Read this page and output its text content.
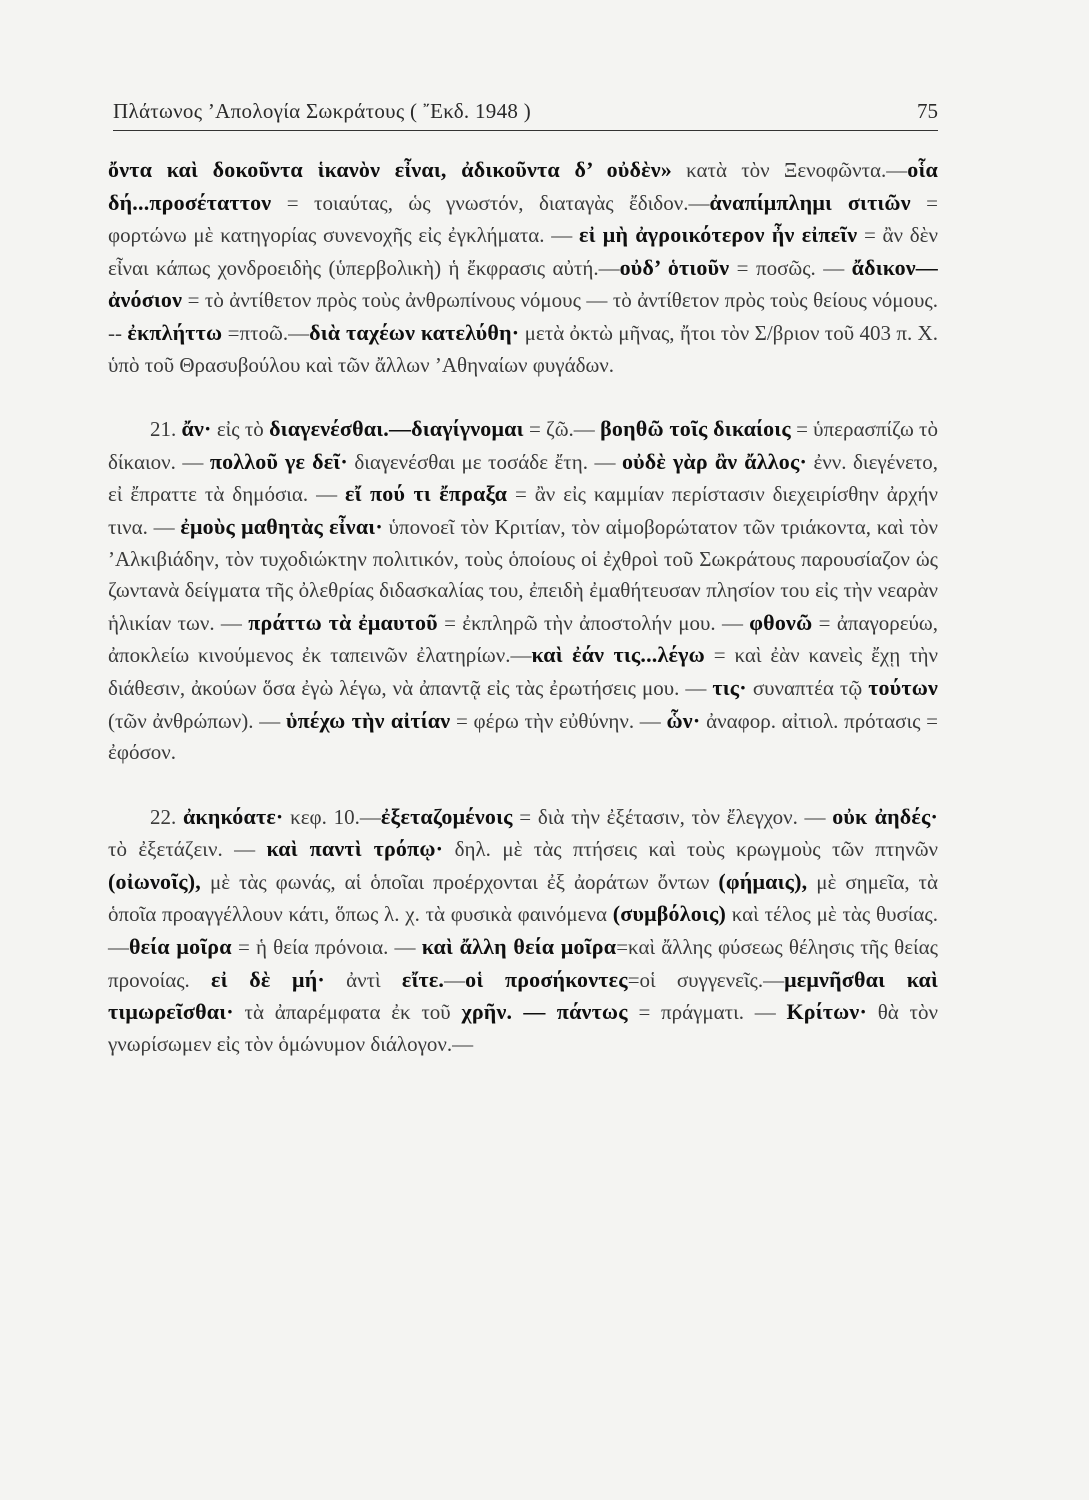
Πλάτωνος ’Απολογία Σωκράτους ( ῎Εκδ. 1948 )	75

ὄντα καὶ δοκοῦντα ἱκανὸν εἶναι, ἀδικοῦντα δ’ οὐδὲν» κατὰ τὸν Ξενοφῶντα.—οἷα δή...προσέταττον = τοιαύτας, ὡς γνωστόν, διαταγὰς ἔδιδον.—ἀναπίμπλημι σιτιῶν = φορτώνω μὲ κατηγορίας συνενοχῆς εἰς ἐγκλήματα. — εἰ μὴ ἀγροικότερον ἦν εἰπεῖν = ἂν δὲν εἶναι κάπως χονδροειδὴς (ὑπερβολικὴ) ἡ ἔκφρασις αὐτή.—οὐδ’ ὁτιοῦν = ποσῶς. — ἄδικον—ἀνόσιον = τὸ ἀντίθετον πρὸς τοὺς ἀνθρωπίνους νόμους — τὸ ἀντίθετον πρὸς τοὺς θείους νόμους. -- ἐκπλήττω =πτοῶ.—διὰ ταχέων κατελύθη· μετὰ ὀκτὼ μῆνας, ἤτοι τὸν Σ/βριον τοῦ 403 π. Χ. ὑπὸ τοῦ Θρασυβούλου καὶ τῶν ἄλλων ’Αθηναίων φυγάδων.

21. ἄν· εἰς τὸ διαγενέσθαι.—διαγίγνομαι = ζῶ.— βοηθῶ τοῖς δικαίοις = ὑπερασπίζω τὸ δίκαιον. — πολλοῦ γε δεῖ· διαγενέσθαι με τοσάδε ἔτη. — οὐδὲ γὰρ ἂν ἄλλος· ἐνν. διεγένετο, εἰ ἔπραττε τὰ δημόσια. — εἴ πού τι ἔπραξα = ἂν εἰς καμμίαν περίστασιν διεχειρίσθην ἀρχήν τινα. — ἐμοὺς μαθητὰς εἶναι· ὑπονοεῖ τὸν Κριτίαν, τὸν αἱμοβορώτατον τῶν τριάκοντα, καὶ τὸν ’Αλκιβιάδην, τὸν τυχοδιώκτην πολιτικόν, τοὺς ὁποίους οἱ ἐχθροὶ τοῦ Σωκράτους παρουσίαζον ὡς ζωντανὰ δείγματα τῆς ὀλεθρίας διδασκαλίας του, ἐπειδὴ ἐμαθήτευσαν πλησίον του εἰς τὴν νεαρὰν ἡλικίαν των. — πράττω τὰ ἐμαυτοῦ = ἐκπληρῶ τὴν ἀποστολήν μου. — φθονῶ = ἀπαγορεύω, ἀποκλείω κινούμενος ἐκ ταπεινῶν ἐλατηρίων.—καὶ ἐάν τις...λέγω = καὶ ἐὰν κανεὶς ἔχῃ τὴν διάθεσιν, ἀκούων ὅσα ἐγὼ λέγω, νὰ ἀπαντᾷ εἰς τὰς ἐρωτήσεις μου. — τις· συναπτέα τῷ τούτων (τῶν ἀνθρώπων). — ὑπέχω τὴν αἰτίαν = φέρω τὴν εὐθύνην. — ὧν· ἀναφορ. αἰτιολ. πρότασις = ἐφόσον.

22. ἀκηκόατε· κεφ. 10.—ἐξεταζομένοις = διὰ τὴν ἐξέτασιν, τὸν ἔλεγχον. — οὐκ ἀηδές· τὸ ἐξετάζειν. — καὶ παντὶ τρόπῳ· δηλ. μὲ τὰς πτήσεις καὶ τοὺς κρωγμοὺς τῶν πτηνῶν (οἰωνοῖς), μὲ τὰς φωνάς, αἱ ὁποῖαι προέρχονται ἐξ ἀοράτων ὄντων (φήμαις), μὲ σημεῖα, τὰ ὁποῖα προαγγέλλουν κάτι, ὅπως λ. χ. τὰ φυσικὰ φαινόμενα (συμβόλοις) καὶ τέλος μὲ τὰς θυσίας.—θεία μοῖρα = ἡ θεία πρόνοια. — καὶ ἄλλη θεία μοῖρα=καὶ ἄλλης φύσεως θέλησις τῆς θείας προνοίας. εἰ δὲ μή· ἀντὶ εἴτε.—οἱ προσήκοντες=οἱ συγγενεῖς.—μεμνῆσθαι καὶ τιμωρεῖσθαι· τὰ ἀπαρέμφατα ἐκ τοῦ χρῆν. — πάντως = πράγματι. — Κρίτων· θὰ τὸν γνωρίσωμεν εἰς τὸν ὁμώνυμον διάλογον.—
